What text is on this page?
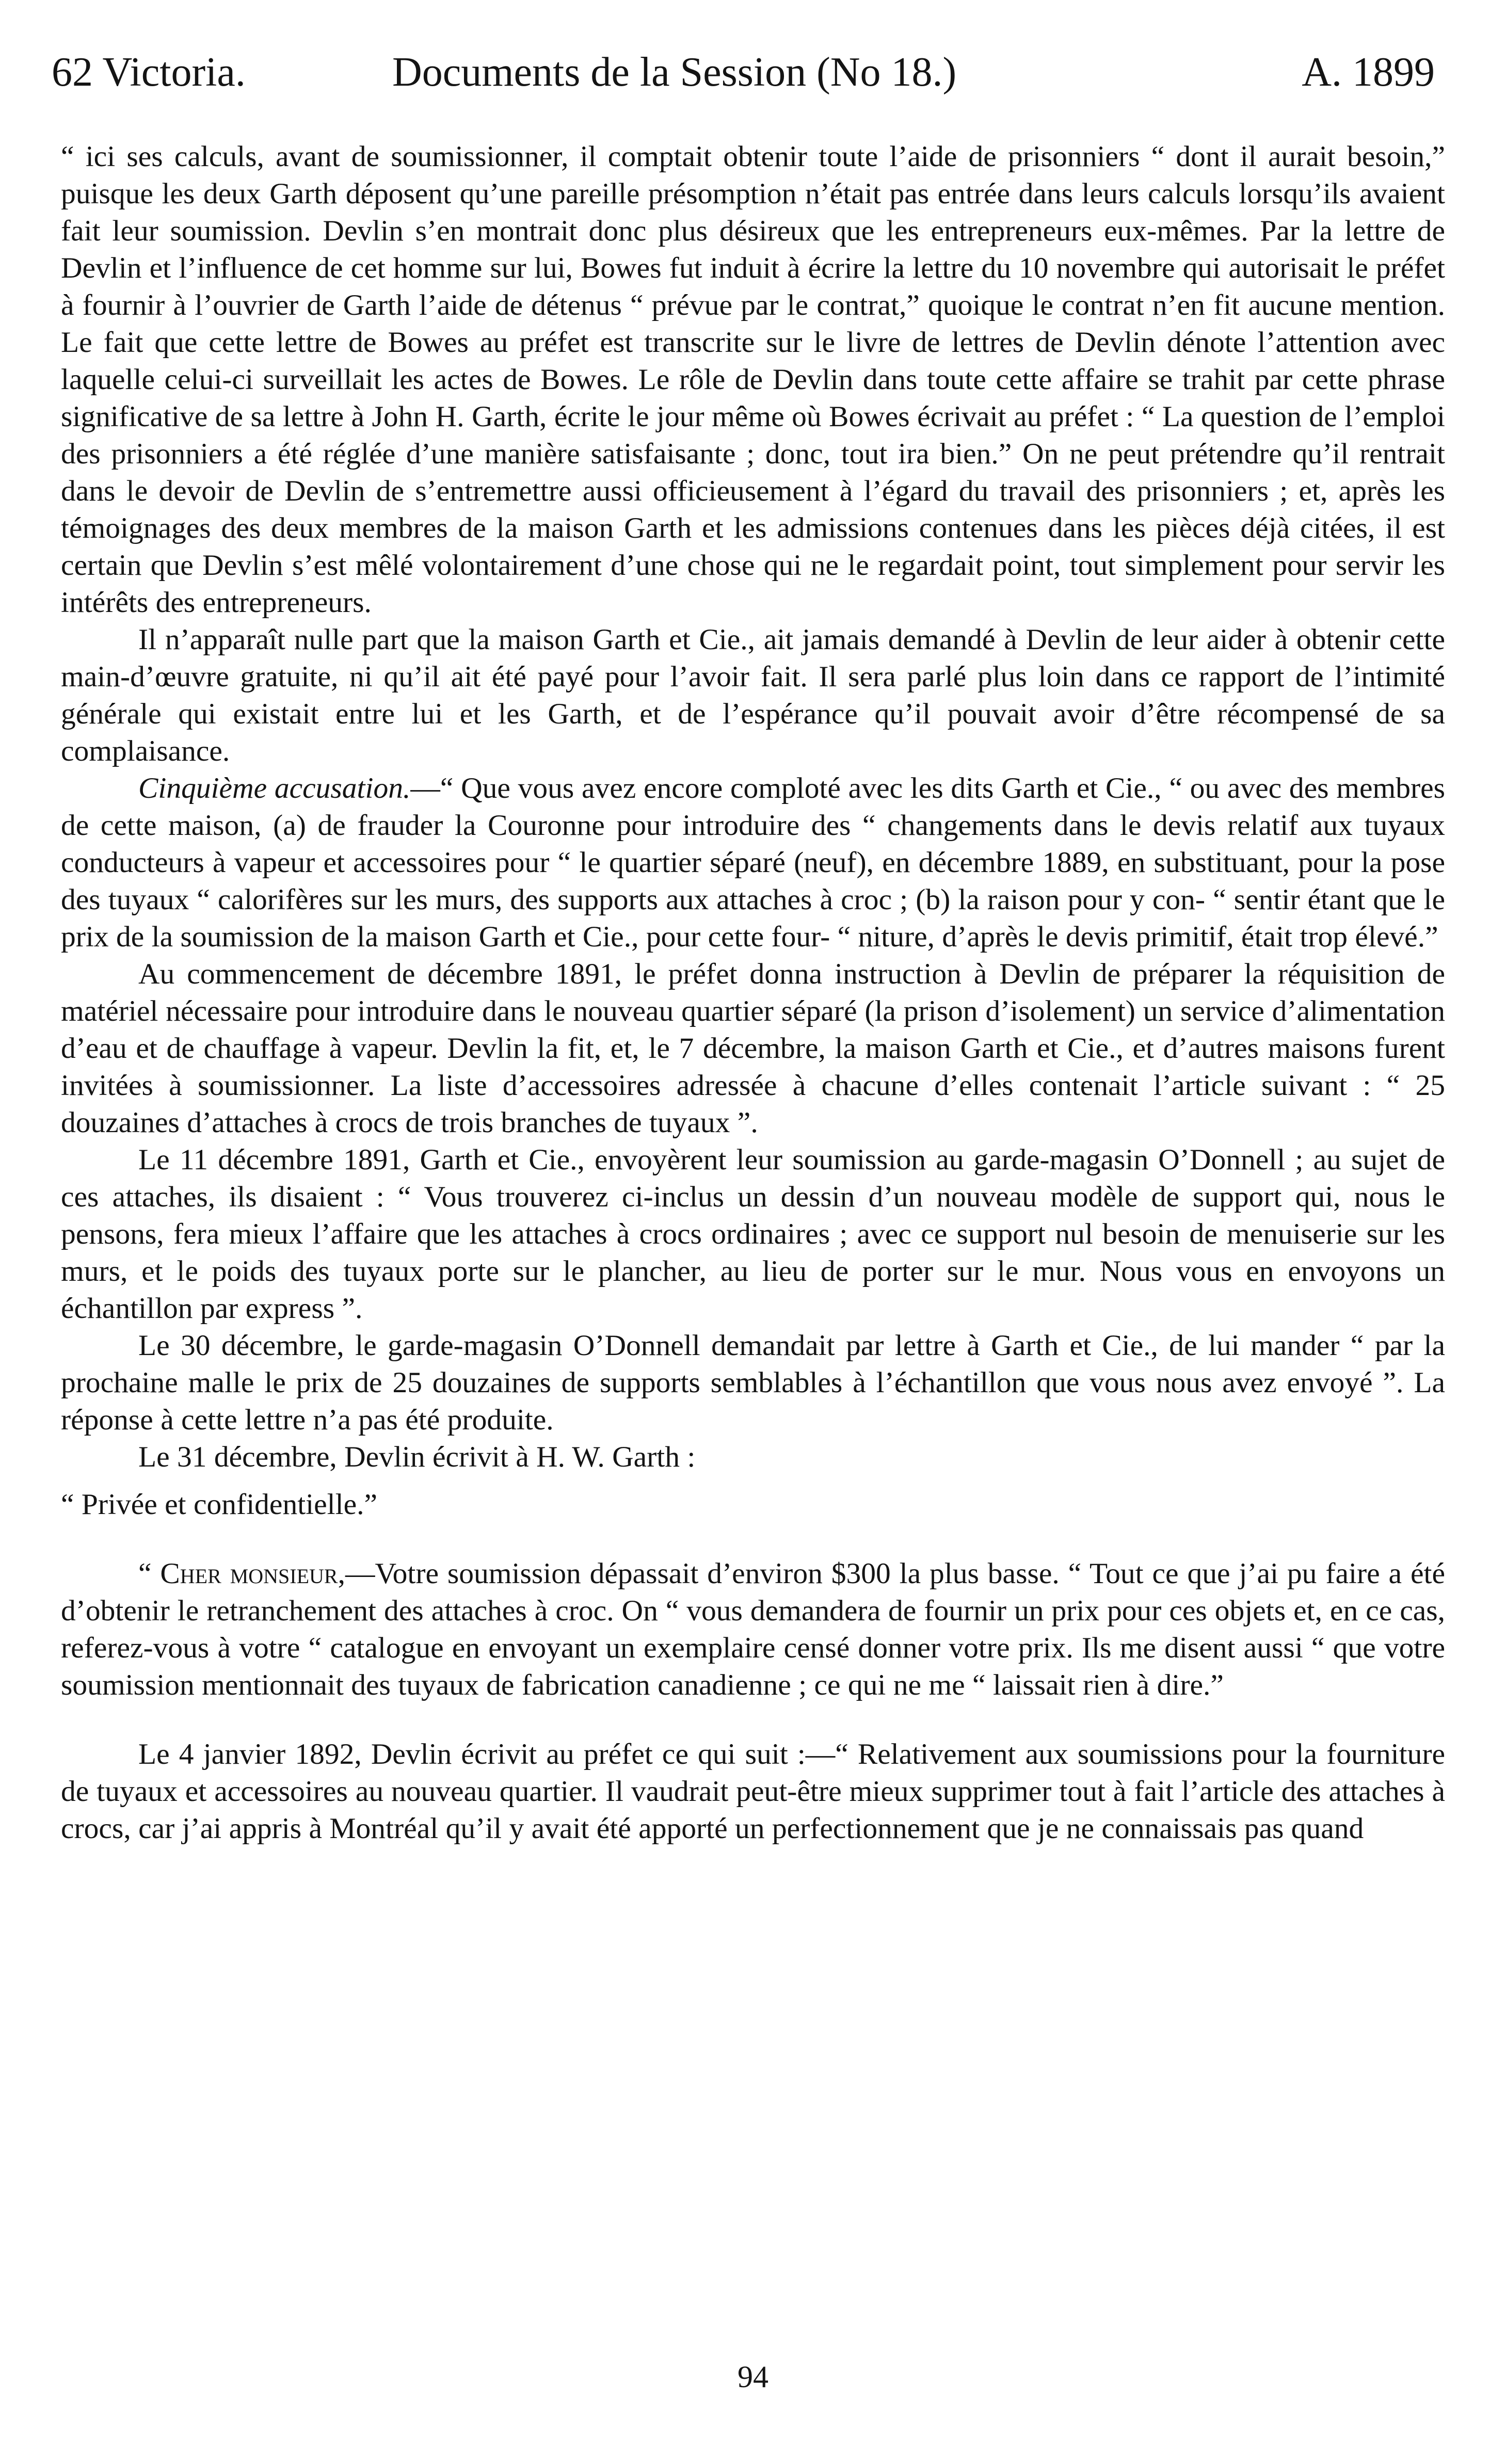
62 Victoria.	Documents de la Session (No 18.)	A. 1899

“ ici ses calculs, avant de soumissionner, il comptait obtenir toute l’aide de prisonniers “ dont il aurait besoin,” puisque les deux Garth déposent qu’une pareille présomption n’était pas entrée dans leurs calculs lorsqu’ils avaient fait leur soumission. Devlin s’en montrait donc plus désireux que les entrepreneurs eux-mêmes. Par la lettre de Devlin et l’influence de cet homme sur lui, Bowes fut induit à écrire la lettre du 10 novembre qui autorisait le préfet à fournir à l’ouvrier de Garth l’aide de détenus “ prévue par le contrat,” quoique le contrat n’en fit aucune mention. Le fait que cette lettre de Bowes au préfet est transcrite sur le livre de lettres de Devlin dénote l’attention avec laquelle celui-ci surveillait les actes de Bowes. Le rôle de Devlin dans toute cette affaire se trahit par cette phrase significative de sa lettre à John H. Garth, écrite le jour même où Bowes écrivait au préfet : “ La question de l’emploi des prisonniers a été réglée d’une manière satisfaisante ; donc, tout ira bien.” On ne peut prétendre qu’il rentrait dans le devoir de Devlin de s’entremettre aussi officieusement à l’égard du travail des prisonniers ; et, après les témoignages des deux membres de la maison Garth et les admissions contenues dans les pièces déjà citées, il est certain que Devlin s’est mêlé volontairement d’une chose qui ne le regardait point, tout simplement pour servir les intérêts des entrepreneurs.

Il n’apparaît nulle part que la maison Garth et Cie., ait jamais demandé à Devlin de leur aider à obtenir cette main-d’œuvre gratuite, ni qu’il ait été payé pour l’avoir fait. Il sera parlé plus loin dans ce rapport de l’intimité générale qui existait entre lui et les Garth, et de l’espérance qu’il pouvait avoir d’être récompensé de sa complaisance.

Cinquième accusation.—“ Que vous avez encore comploté avec les dits Garth et Cie., “ ou avec des membres de cette maison, (a) de frauder la Couronne pour introduire des “ changements dans le devis relatif aux tuyaux conducteurs à vapeur et accessoires pour “ le quartier séparé (neuf), en décembre 1889, en substituant, pour la pose des tuyaux “ calorifères sur les murs, des supports aux attaches à croc ; (b) la raison pour y con- “ sentir étant que le prix de la soumission de la maison Garth et Cie., pour cette four- “ niture, d’après le devis primitif, était trop élevé.”

Au commencement de décembre 1891, le préfet donna instruction à Devlin de préparer la réquisition de matériel nécessaire pour introduire dans le nouveau quartier séparé (la prison d’isolement) un service d’alimentation d’eau et de chauffage à vapeur. Devlin la fit, et, le 7 décembre, la maison Garth et Cie., et d’autres maisons furent invitées à soumissionner. La liste d’accessoires adressée à chacune d’elles contenait l’article suivant : “ 25 douzaines d’attaches à crocs de trois branches de tuyaux ”.

Le 11 décembre 1891, Garth et Cie., envoyèrent leur soumission au garde-magasin O’Donnell ; au sujet de ces attaches, ils disaient : “ Vous trouverez ci-inclus un dessin d’un nouveau modèle de support qui, nous le pensons, fera mieux l’affaire que les attaches à crocs ordinaires ; avec ce support nul besoin de menuiserie sur les murs, et le poids des tuyaux porte sur le plancher, au lieu de porter sur le mur. Nous vous en envoyons un échantillon par express ”.

Le 30 décembre, le garde-magasin O’Donnell demandait par lettre à Garth et Cie., de lui mander “ par la prochaine malle le prix de 25 douzaines de supports semblables à l’échantillon que vous nous avez envoyé ”. La réponse à cette lettre n’a pas été produite.

Le 31 décembre, Devlin écrivit à H. W. Garth :

“ Privée et confidentielle.”

“ Cher monsieur,—Votre soumission dépassait d’environ $300 la plus basse. “ Tout ce que j’ai pu faire a été d’obtenir le retranchement des attaches à croc. On “ vous demandera de fournir un prix pour ces objets et, en ce cas, referez-vous à votre “ catalogue en envoyant un exemplaire censé donner votre prix. Ils me disent aussi “ que votre soumission mentionnait des tuyaux de fabrication canadienne ; ce qui ne me “ laissait rien à dire.”

Le 4 janvier 1892, Devlin écrivit au préfet ce qui suit :—“ Relativement aux soumissions pour la fourniture de tuyaux et accessoires au nouveau quartier. Il vaudrait peut-être mieux supprimer tout à fait l’article des attaches à crocs, car j’ai appris à Montréal qu’il y avait été apporté un perfectionnement que je ne connaissais pas quand

94
